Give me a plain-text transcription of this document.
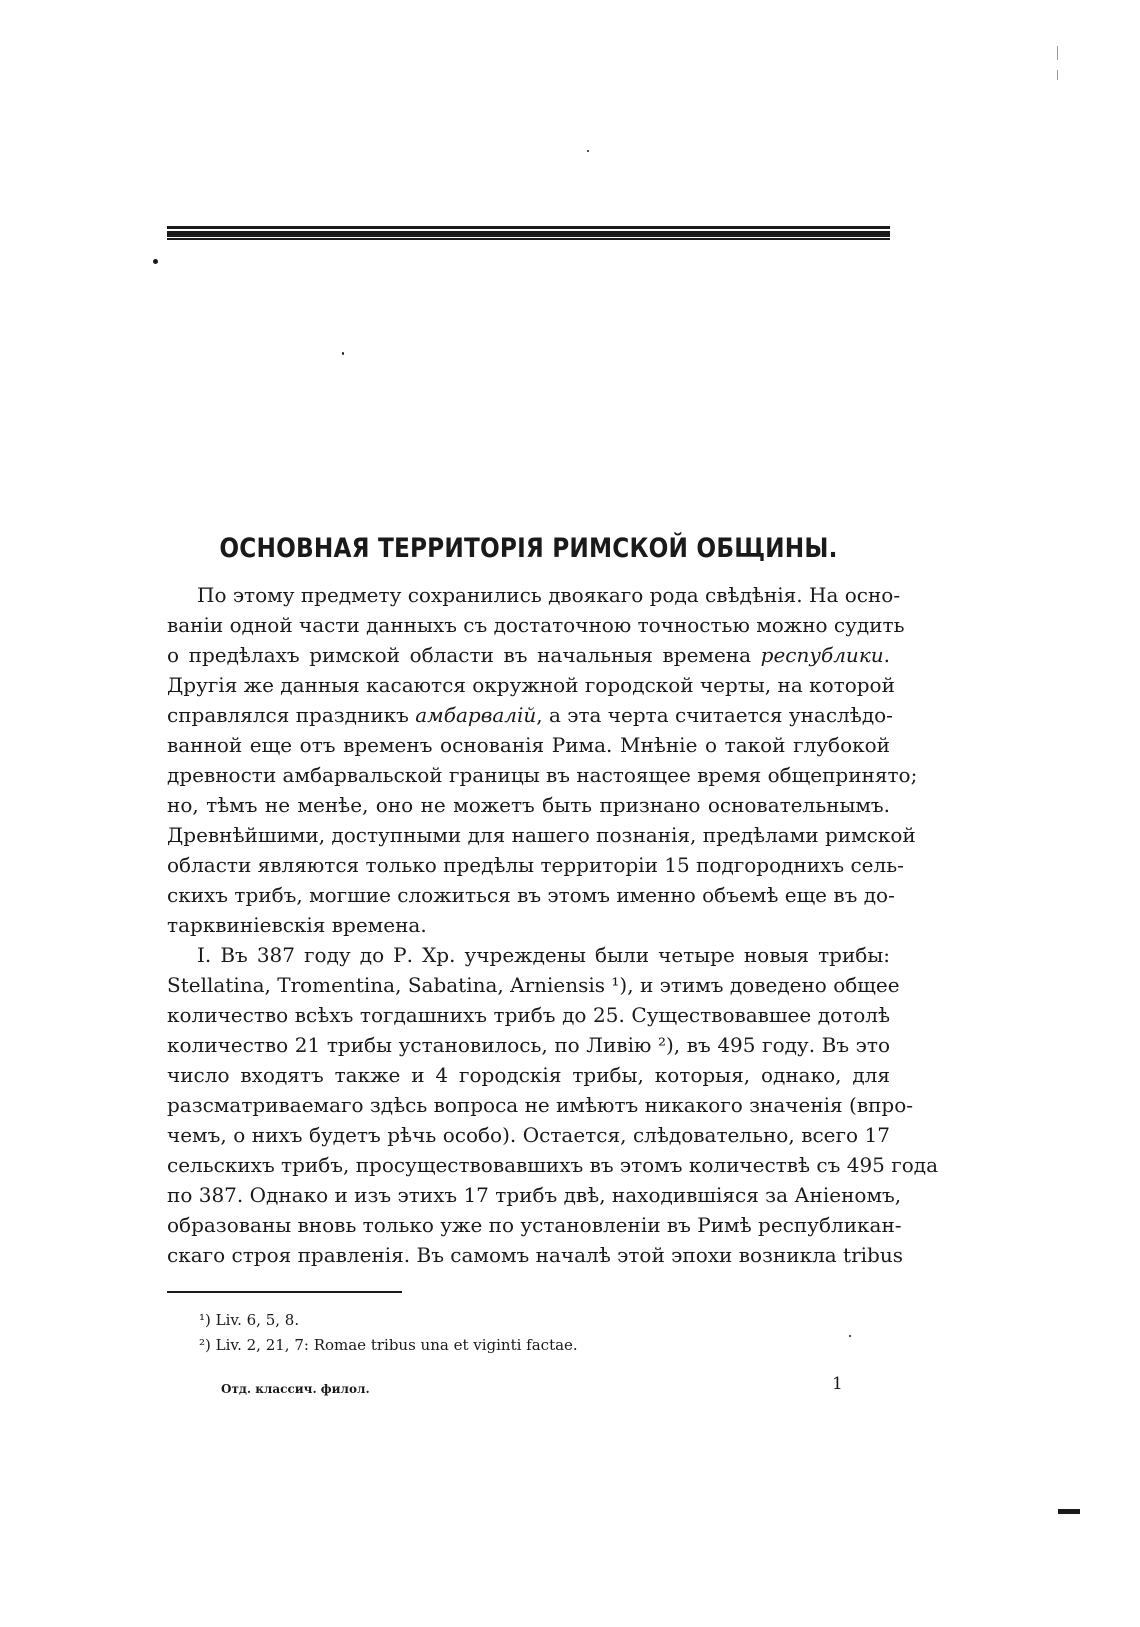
ОСНОВНАЯ ТЕРРИТОРІЯ РИМСКОЙ ОБЩИНЫ.
По этому предмету сохранились двоякаго рода свѣдѣнія. На осно-
ваніи одной части данныхъ съ достаточною точностью можно судить
о предѣлахъ римской области въ начальныя времена республики.
Другія же данныя касаются окружной городской черты, на которой
справлялся праздникъ амбарвалій, а эта черта считается унаслѣдо-
ванной еще отъ временъ основанія Рима. Мнѣніе о такой глубокой
древности амбарвальской границы въ настоящее время общепринято;
но, тѣмъ не менѣе, оно не можетъ быть признано основательнымъ.
Древнѣйшими, доступными для нашего познанія, предѣлами римской
области являются только предѣлы территоріи 15 подгороднихъ сель-
скихъ трибъ, могшие сложиться въ этомъ именно объемѣ еще въ до-
тарквиніевскія времена.
I. Въ 387 году до Р. Хр. учреждены были четыре новыя трибы:
Stellatina, Tromentina, Sabatina, Arniensis ¹), и этимъ доведено общее
количество всѣхъ тогдашнихъ трибъ до 25. Существовавшее дотолѣ
количество 21 трибы установилось, по Ливію ²), въ 495 году. Въ это
число входятъ также и 4 городскія трибы, которыя, однако, для
разсматриваемаго здѣсь вопроса не имѣютъ никакого значенія (впро-
чемъ, о нихъ будетъ рѣчь особо). Остается, слѣдовательно, всего 17
сельскихъ трибъ, просуществовавшихъ въ этомъ количествѣ съ 495 года
по 387. Однако и изъ этихъ 17 трибъ двѣ, находившіяся за Аніеномъ,
образованы вновь только уже по установленіи въ Римѣ республикан-
скаго строя правленія. Въ самомъ началѣ этой эпохи возникла tribus
¹) Liv. 6, 5, 8.
²) Liv. 2, 21, 7: Romae tribus una et viginti factae.
Отд. классич. филол.	1
